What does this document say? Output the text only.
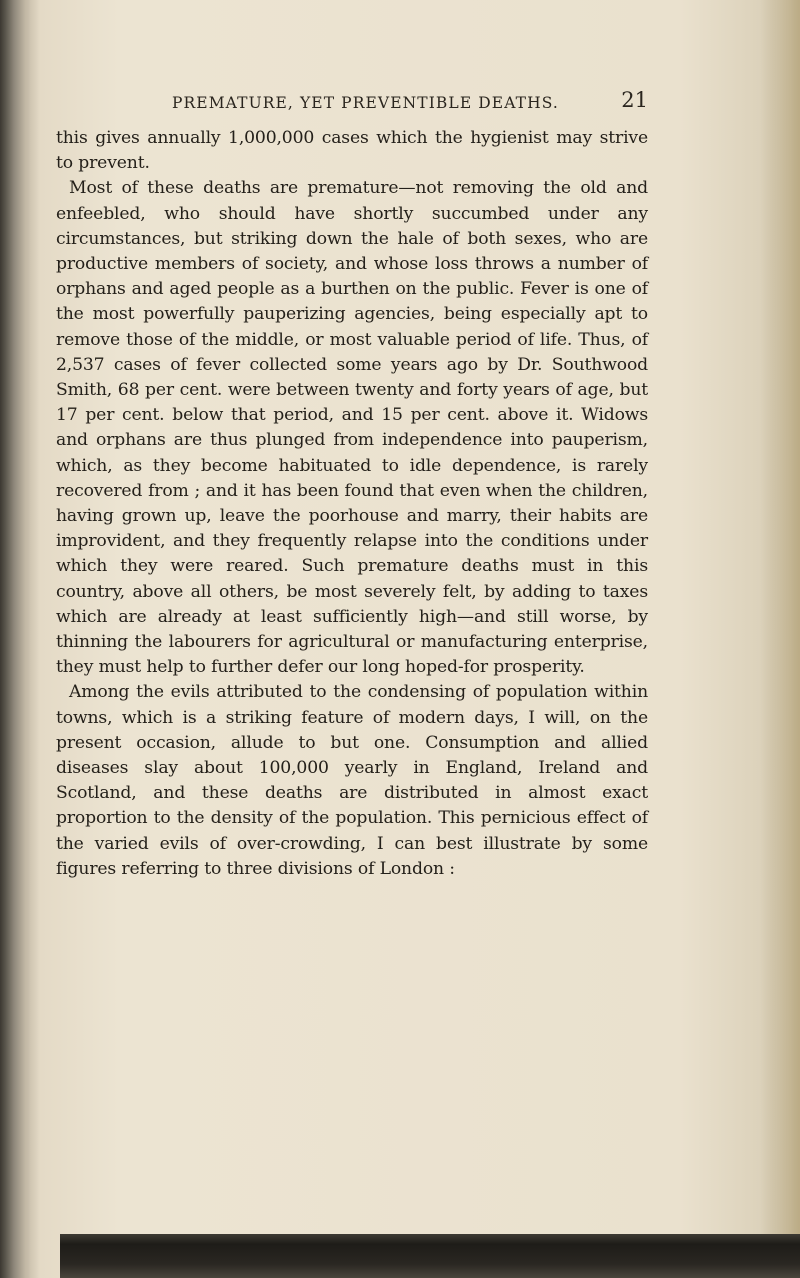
PREMATURE, YET PREVENTIBLE DEATHS.	21

this gives annually 1,000,000 cases which the hygienist may strive to prevent.

Most of these deaths are premature—not removing the old and enfeebled, who should have shortly succumbed under any circumstances, but striking down the hale of both sexes, who are productive members of society, and whose loss throws a number of orphans and aged people as a burthen on the public. Fever is one of the most powerfully pauperizing agencies, being especially apt to remove those of the middle, or most valuable period of life. Thus, of 2,537 cases of fever collected some years ago by Dr. Southwood Smith, 68 per cent. were between twenty and forty years of age, but 17 per cent. below that period, and 15 per cent. above it. Widows and orphans are thus plunged from independence into pauperism, which, as they become habituated to idle dependence, is rarely recovered from ; and it has been found that even when the children, having grown up, leave the poorhouse and marry, their habits are improvident, and they frequently relapse into the conditions under which they were reared. Such premature deaths must in this country, above all others, be most severely felt, by adding to taxes which are already at least sufficiently high—and still worse, by thinning the labourers for agricultural or manufacturing enterprise, they must help to further defer our long hoped-for prosperity.

Among the evils attributed to the condensing of population within towns, which is a striking feature of modern days, I will, on the present occasion, allude to but one. Consumption and allied diseases slay about 100,000 yearly in England, Ireland and Scotland, and these deaths are distributed in almost exact proportion to the density of the population. This pernicious effect of the varied evils of over-crowding, I can best illustrate by some figures referring to three divisions of London :
